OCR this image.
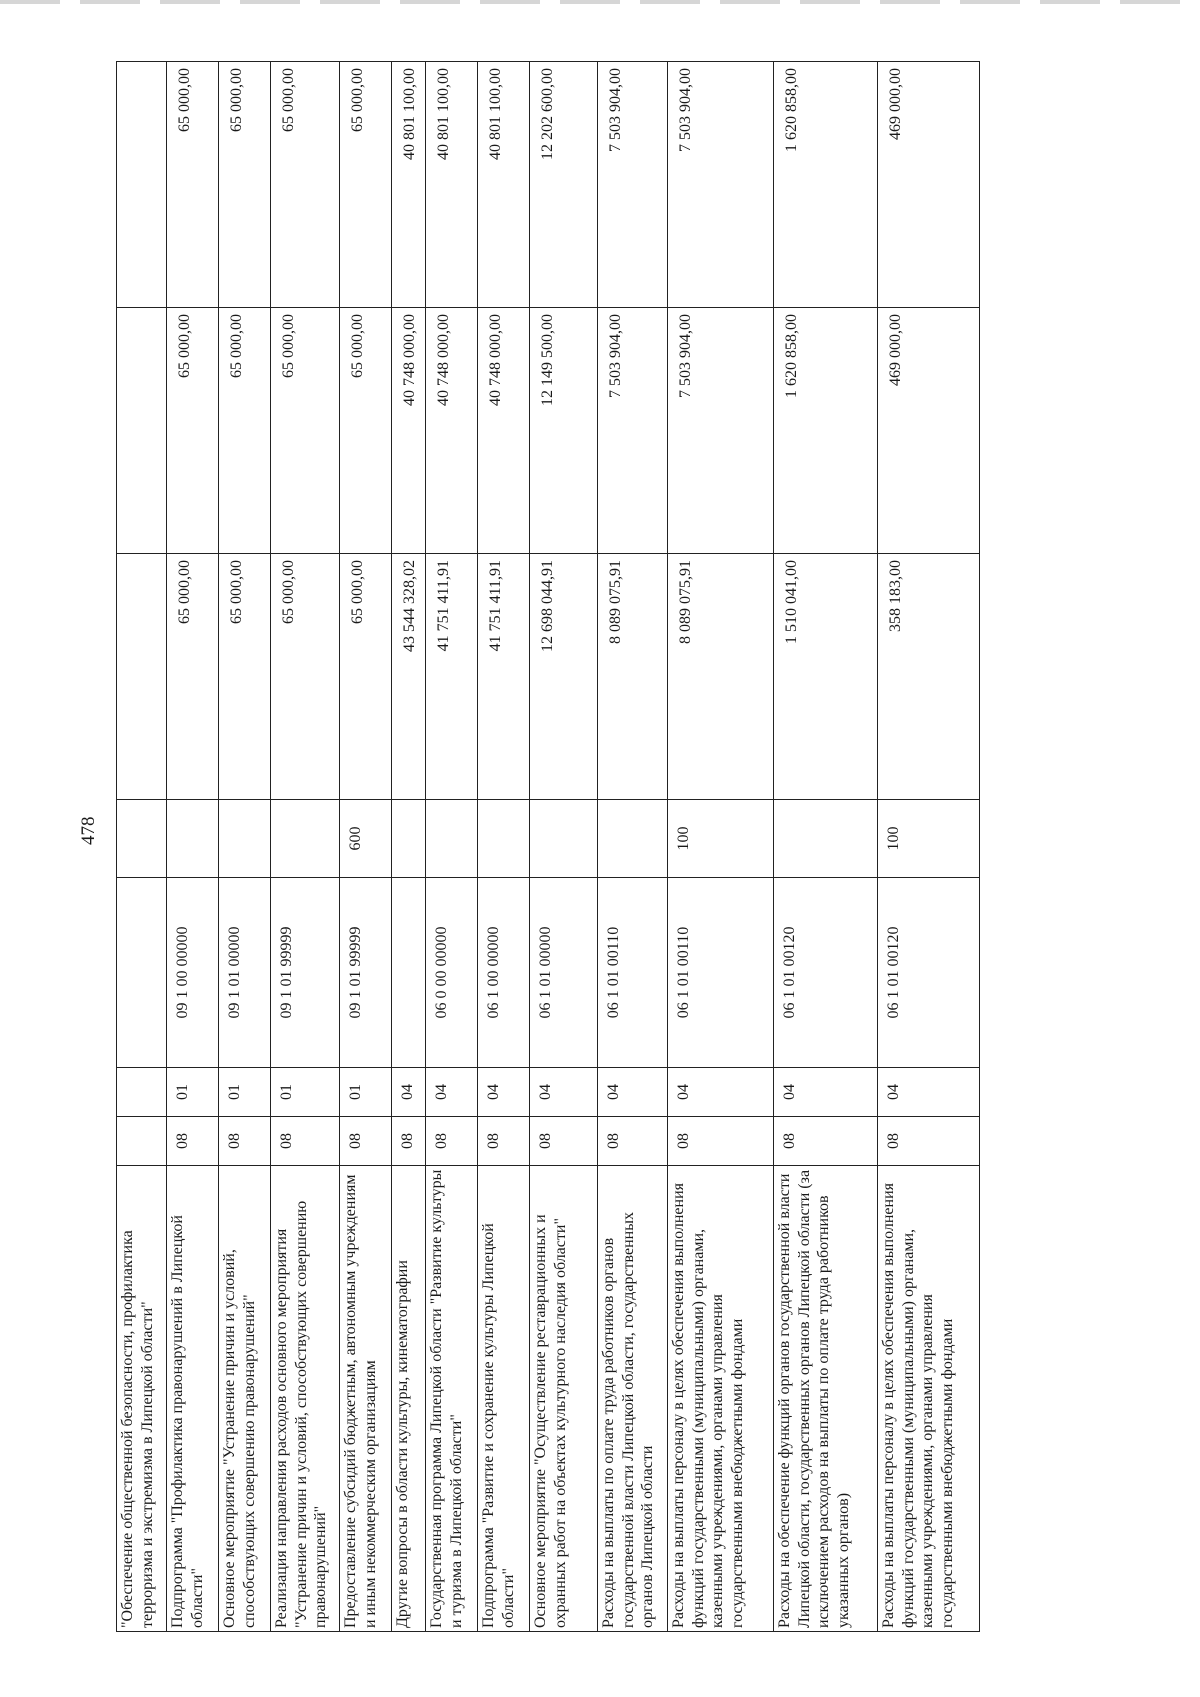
478
"Обеспечение общественной безопасности, профилактика терроризма и экстремизма в Липецкой области"							
Подпрограмма "Профилактика правонарушений в Липецкой области"	08	01	09 1 00 00000		65 000,00	65 000,00	65 000,00
Основное мероприятие "Устранение причин и условий, способствующих совершению правонарушений"	08	01	09 1 01 00000		65 000,00	65 000,00	65 000,00
Реализация направления расходов основного мероприятия "Устранение причин и условий, способствующих совершению правонарушений"	08	01	09 1 01 99999		65 000,00	65 000,00	65 000,00
Предоставление субсидий бюджетным, автономным учреждениям и иным некоммерческим организациям	08	01	09 1 01 99999	600	65 000,00	65 000,00	65 000,00
Другие вопросы в области культуры, кинематографии	08	04			43 544 328,02	40 748 000,00	40 801 100,00
Государственная программа Липецкой области "Развитие культуры и туризма в Липецкой области"	08	04	06 0 00 00000		41 751 411,91	40 748 000,00	40 801 100,00
Подпрограмма "Развитие и сохранение культуры Липецкой области"	08	04	06 1 00 00000		41 751 411,91	40 748 000,00	40 801 100,00
Основное мероприятие "Осуществление реставрационных и охранных работ на объектах культурного наследия области"	08	04	06 1 01 00000		12 698 044,91	12 149 500,00	12 202 600,00
Расходы на выплаты по оплате труда работников органов государственной власти Липецкой области, государственных органов Липецкой области	08	04	06 1 01 00110		8 089 075,91	7 503 904,00	7 503 904,00
Расходы на выплаты персоналу в целях обеспечения выполнения функций государственными (муниципальными) органами, казенными учреждениями, органами управления государственными внебюджетными фондами	08	04	06 1 01 00110	100	8 089 075,91	7 503 904,00	7 503 904,00
Расходы на обеспечение функций органов государственной власти Липецкой области, государственных органов Липецкой области (за исключением расходов на выплаты по оплате труда работников указанных органов)	08	04	06 1 01 00120		1 510 041,00	1 620 858,00	1 620 858,00
Расходы на выплаты персоналу в целях обеспечения выполнения функций государственными (муниципальными) органами, казенными учреждениями, органами управления государственными внебюджетными фондами	08	04	06 1 01 00120	100	358 183,00	469 000,00	469 000,00
